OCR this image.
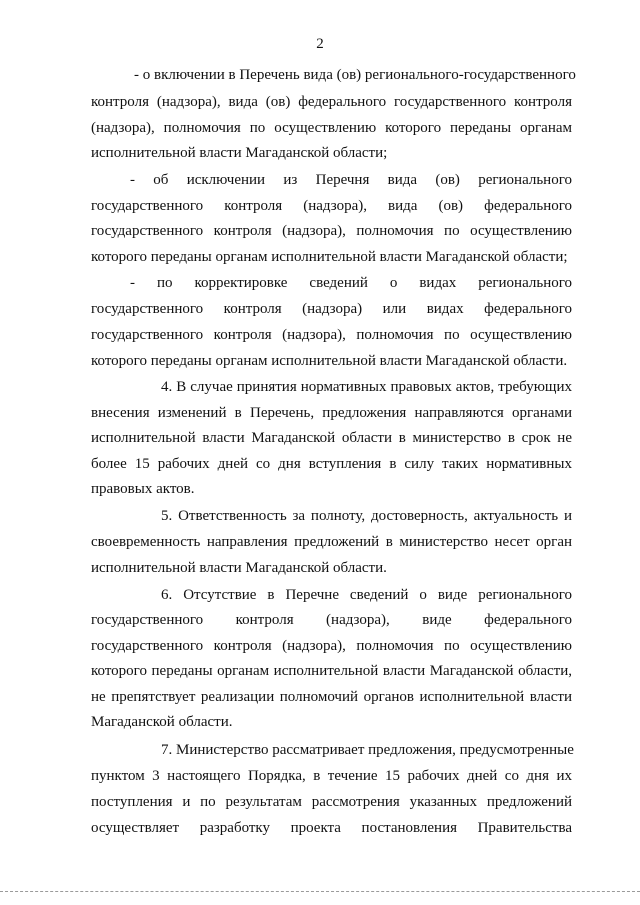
2
- о включении в Перечень вида (ов) регионального-государственного
контроля (надзора), вида (ов) федерального государственного контроля
(надзора), полномочия по осуществлению которого переданы органам
исполнительной власти Магаданской области;
- об исключении из Перечня вида (ов) регионального
государственного контроля (надзора), вида (ов) федерального
государственного контроля (надзора), полномочия по осуществлению
которого переданы органам исполнительной власти Магаданской области;
- по корректировке сведений о видах регионального
государственного контроля (надзора) или видах федерального
государственного контроля (надзора), полномочия по осуществлению
которого переданы органам исполнительной власти Магаданской области.
4. В случае принятия нормативных правовых актов, требующих
внесения изменений в Перечень, предложения направляются органами
исполнительной власти Магаданской области в министерство в срок не
более 15 рабочих дней со дня вступления в силу таких нормативных
правовых актов.
5. Ответственность за полноту, достоверность, актуальность и
своевременность направления предложений в министерство несет орган
исполнительной власти Магаданской области.
6. Отсутствие в Перечне сведений о виде регионального
государственного контроля (надзора), виде федерального
государственного контроля (надзора), полномочия по осуществлению
которого переданы органам исполнительной власти Магаданской области,
не препятствует реализации полномочий органов исполнительной власти
Магаданской области.
7. Министерство рассматривает предложения, предусмотренные
пунктом 3 настоящего Порядка, в течение 15 рабочих дней со дня их
поступления и по результатам рассмотрения указанных предложений
осуществляет разработку проекта постановления Правительства
